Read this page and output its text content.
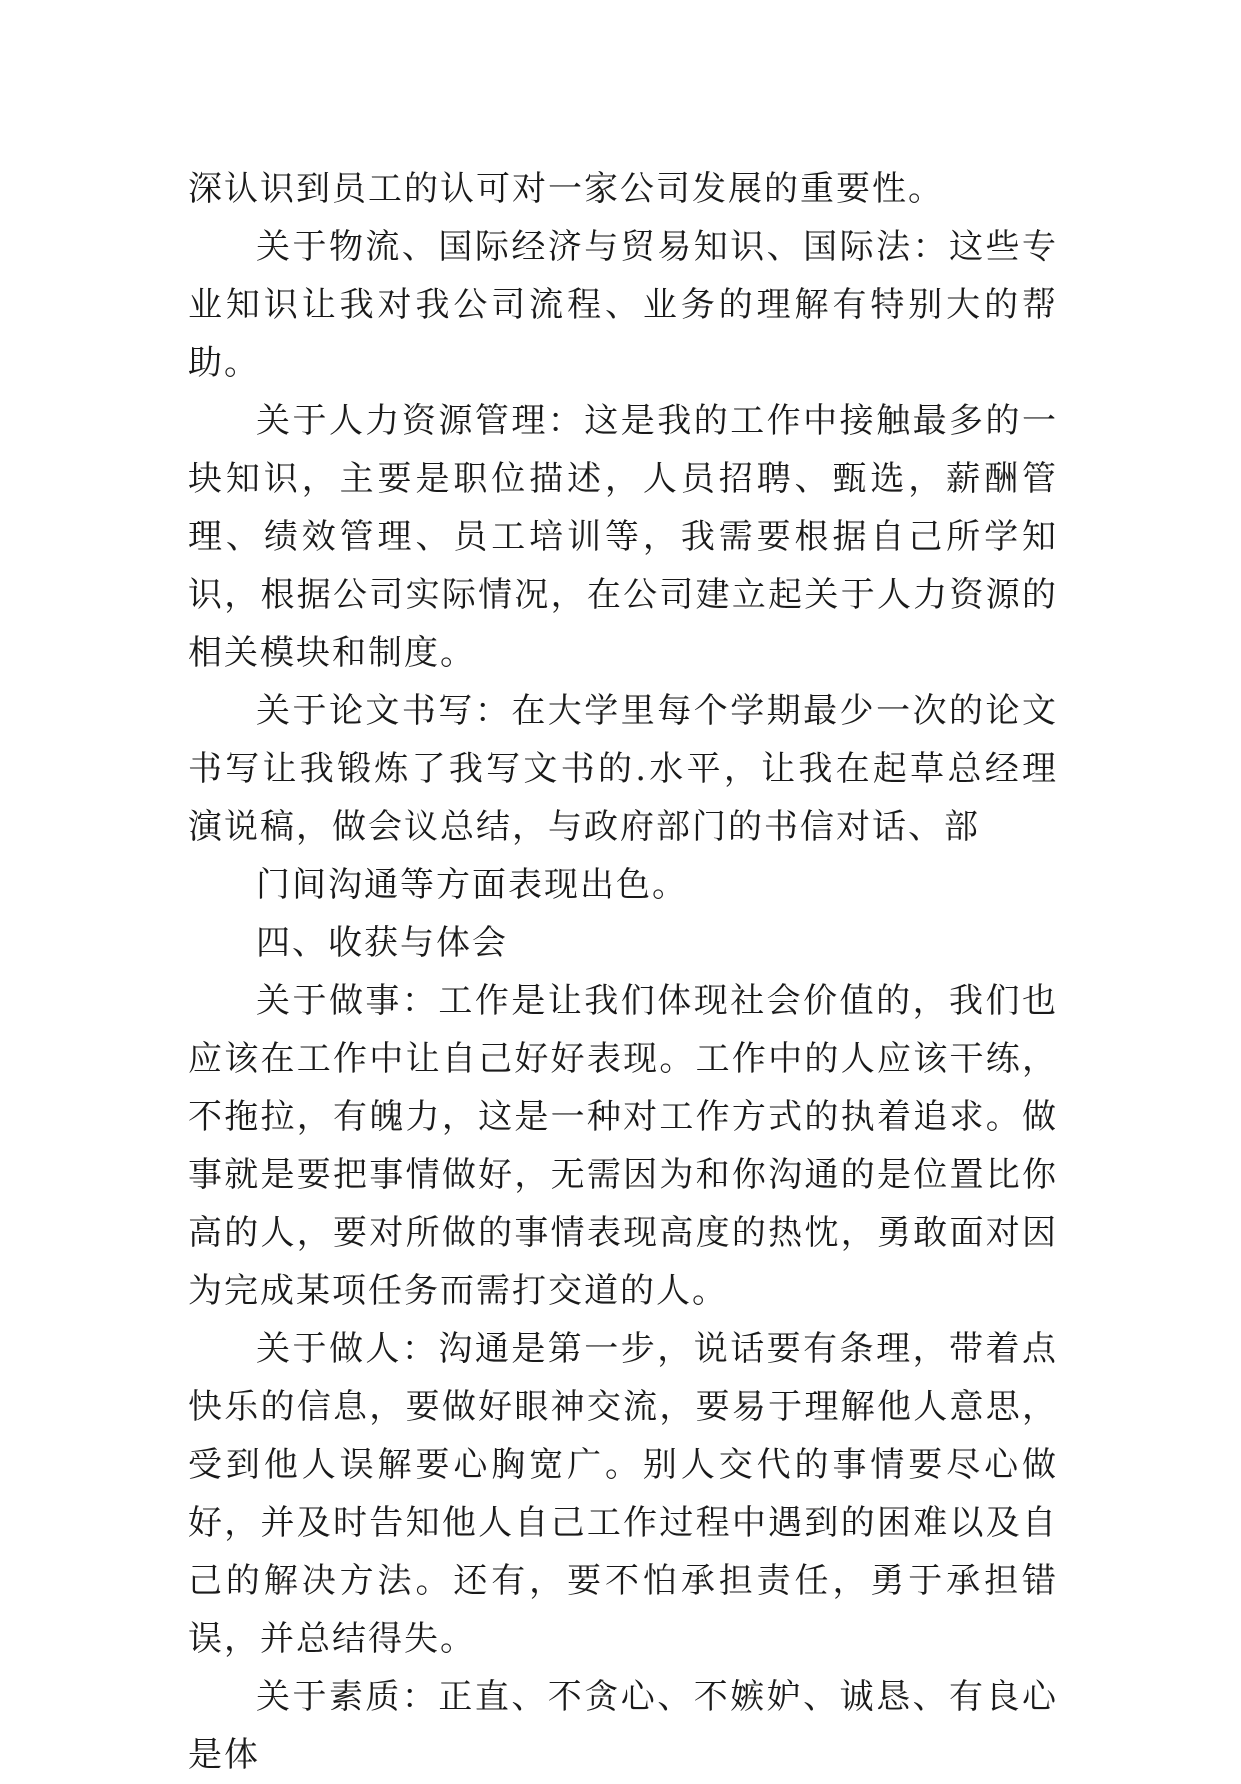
深认识到员工的认可对一家公司发展的重要性。

关于物流、国际经济与贸易知识、国际法：这些专业知识让我对我公司流程、业务的理解有特别大的帮助。

关于人力资源管理：这是我的工作中接触最多的一块知识，主要是职位描述，人员招聘、甄选，薪酬管理、绩效管理、员工培训等，我需要根据自己所学知识，根据公司实际情况，在公司建立起关于人力资源的相关模块和制度。

关于论文书写：在大学里每个学期最少一次的论文书写让我锻炼了我写文书的.水平，让我在起草总经理演说稿，做会议总结，与政府部门的书信对话、部

门间沟通等方面表现出色。

四、收获与体会

关于做事：工作是让我们体现社会价值的，我们也应该在工作中让自己好好表现。工作中的人应该干练，不拖拉，有魄力，这是一种对工作方式的执着追求。做事就是要把事情做好，无需因为和你沟通的是位置比你高的人，要对所做的事情表现高度的热忱，勇敢面对因为完成某项任务而需打交道的人。

关于做人：沟通是第一步，说话要有条理，带着点快乐的信息，要做好眼神交流，要易于理解他人意思，受到他人误解要心胸宽广。别人交代的事情要尽心做好，并及时告知他人自己工作过程中遇到的困难以及自己的解决方法。还有，要不怕承担责任，勇于承担错误，并总结得失。

关于素质：正直、不贪心、不嫉妒、诚恳、有良心是体
